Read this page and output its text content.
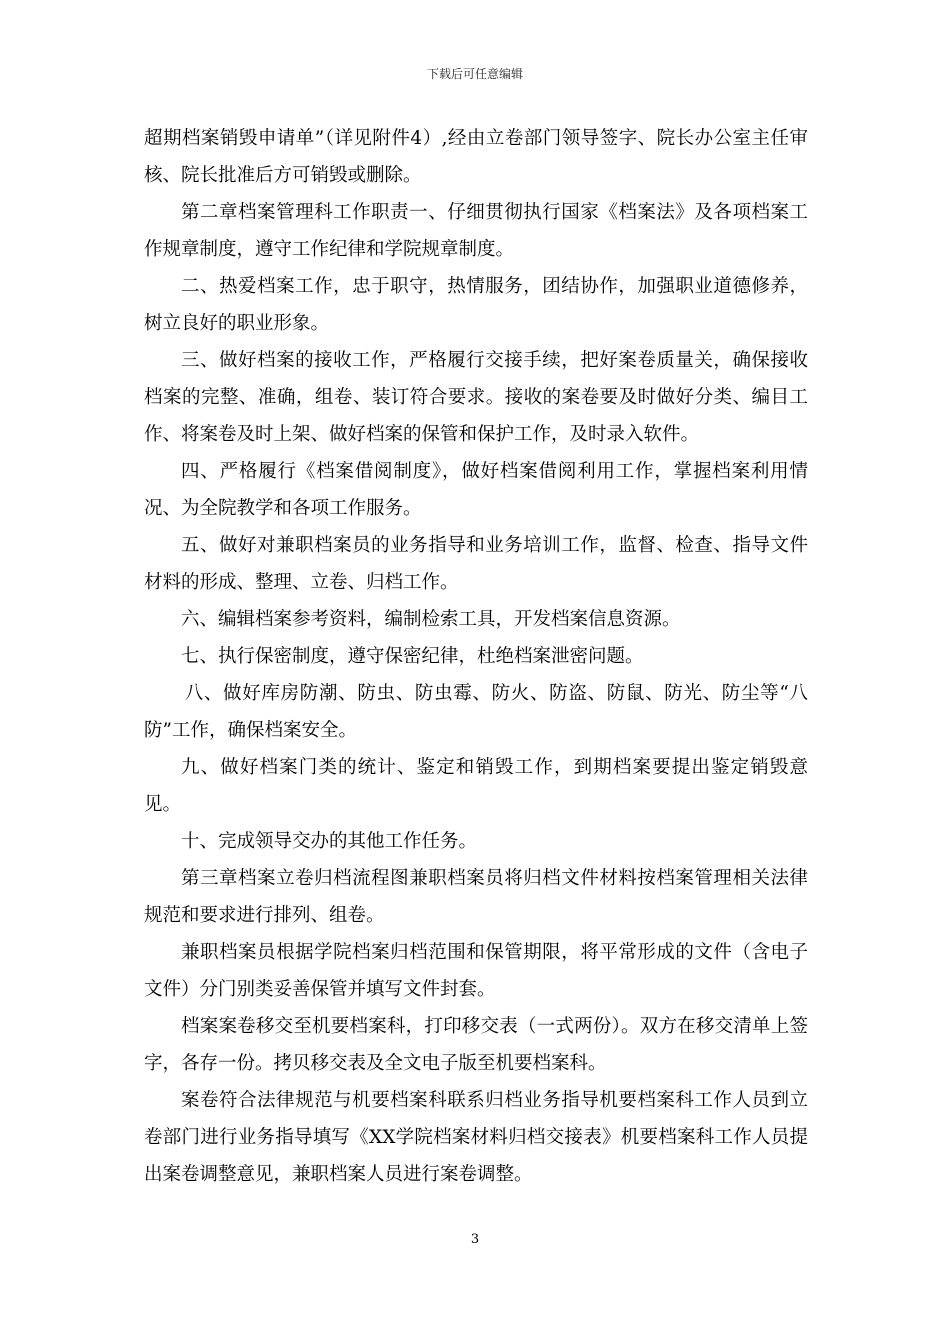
下载后可任意编辑

超期档案销毁申请单”（详见附件4）,经由立卷部门领导签字、院长办公室主任审核、院长批准后方可销毁或删除。

第二章档案管理科工作职责一、仔细贯彻执行国家《档案法》及各项档案工作规章制度，遵守工作纪律和学院规章制度。

二、热爱档案工作，忠于职守，热情服务，团结协作，加强职业道德修养，树立良好的职业形象。

三、做好档案的接收工作，严格履行交接手续，把好案卷质量关，确保接收档案的完整、准确，组卷、装订符合要求。接收的案卷要及时做好分类、编目工作、将案卷及时上架、做好档案的保管和保护工作，及时录入软件。

四、严格履行《档案借阅制度》，做好档案借阅利用工作，掌握档案利用情况、为全院教学和各项工作服务。

五、做好对兼职档案员的业务指导和业务培训工作，监督、检查、指导文件材料的形成、整理、立卷、归档工作。

六、编辑档案参考资料，编制检索工具，开发档案信息资源。

七、执行保密制度，遵守保密纪律，杜绝档案泄密问题。

八、做好库房防潮、防虫、防虫霉、防火、防盗、防鼠、防光、防尘等“八防”工作，确保档案安全。

九、做好档案门类的统计、鉴定和销毁工作，到期档案要提出鉴定销毁意见。

十、完成领导交办的其他工作任务。

第三章档案立卷归档流程图兼职档案员将归档文件材料按档案管理相关法律规范和要求进行排列、组卷。

兼职档案员根据学院档案归档范围和保管期限，将平常形成的文件（含电子文件）分门别类妥善保管并填写文件封套。

档案案卷移交至机要档案科，打印移交表（一式两份）。双方在移交清单上签字，各存一份。拷贝移交表及全文电子版至机要档案科。

案卷符合法律规范与机要档案科联系归档业务指导机要档案科工作人员到立卷部门进行业务指导填写《XX学院档案材料归档交接表》机要档案科工作人员提出案卷调整意见，兼职档案人员进行案卷调整。

3
